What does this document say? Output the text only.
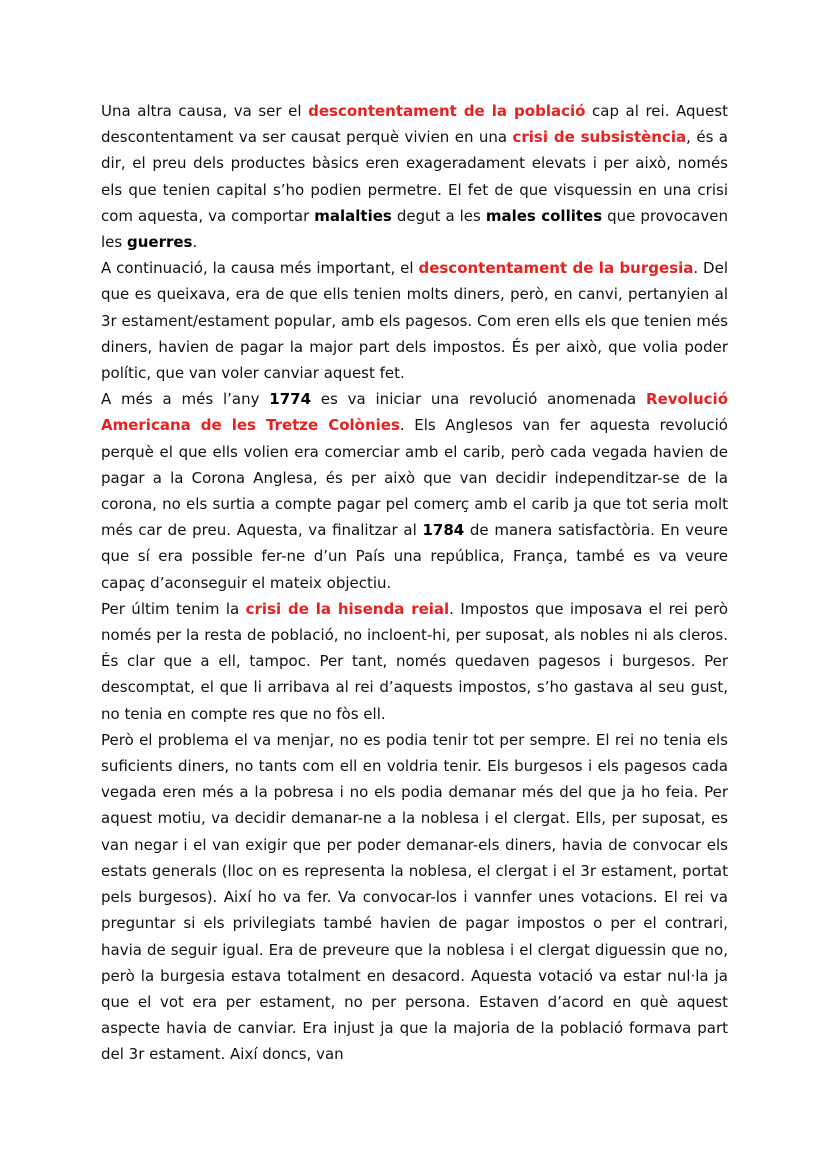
Una altra causa, va ser el descontentament de la població cap al rei. Aquest descontentament va ser causat perquè vivien en una crisi de subsistència, és a dir, el preu dels productes bàsics eren exageradament elevats i per això, només els que tenien capital s’ho podien permetre. El fet de que visquessin en una crisi com aquesta, va comportar malalties degut a les males collites que provocaven les guerres.

A continuació, la causa més important, el descontentament de la burgesia. Del que es queixava, era de que ells tenien molts diners, però, en canvi, pertanyien al 3r estament/estament popular, amb els pagesos. Com eren ells els que tenien més diners, havien de pagar la major part dels impostos. És per això, que volia poder polític, que van voler canviar aquest fet.

A més a més l’any 1774 es va iniciar una revolució anomenada Revolució Americana de les Tretze Colònies. Els Anglesos van fer aquesta revolució perquè el que ells volien era comerciar amb el carib, però cada vegada havien de pagar a la Corona Anglesa, és per això que van decidir independitzar-se de la corona, no els surtia a compte pagar pel comerç amb el carib ja que tot seria molt més car de preu. Aquesta, va finalitzar al 1784 de manera satisfactòria. En veure que sí era possible fer-ne d’un País una república, França, també es va veure capaç d’aconseguir el mateix objectiu.

Per últim tenim la crisi de la hisenda reial. Impostos que imposava el rei però només per la resta de població, no incloent-hi, per suposat, als nobles ni als cleros. És clar que a ell, tampoc. Per tant, només quedaven pagesos i burgesos. Per descomptat, el que li arribava al rei d’aquests impostos, s’ho gastava al seu gust, no tenia en compte res que no fòs ell.

Però el problema el va menjar, no es podia tenir tot per sempre. El rei no tenia els suficients diners, no tants com ell en voldria tenir. Els burgesos i els pagesos cada vegada eren més a la pobresa i no els podia demanar més del que ja ho feia. Per aquest motiu, va decidir demanar-ne a la noblesa i el clergat. Ells, per suposat, es van negar i el van exigir que per poder demanar-els diners, havia de convocar els estats generals (lloc on es representa la noblesa, el clergat i el 3r estament, portat pels burgesos). Així ho va fer. Va convocar-los i vannfer unes votacions. El rei va preguntar si els privilegiats també havien de pagar impostos o per el contrari, havia de seguir igual. Era de preveure que la noblesa i el clergat diguessin que no, però la burgesia estava totalment en desacord. Aquesta votació va estar nul·la ja que el vot era per estament, no per persona. Estaven d’acord en què aquest aspecte havia de canviar. Era injust ja que la majoria de la població formava part del 3r estament. Així doncs, van
